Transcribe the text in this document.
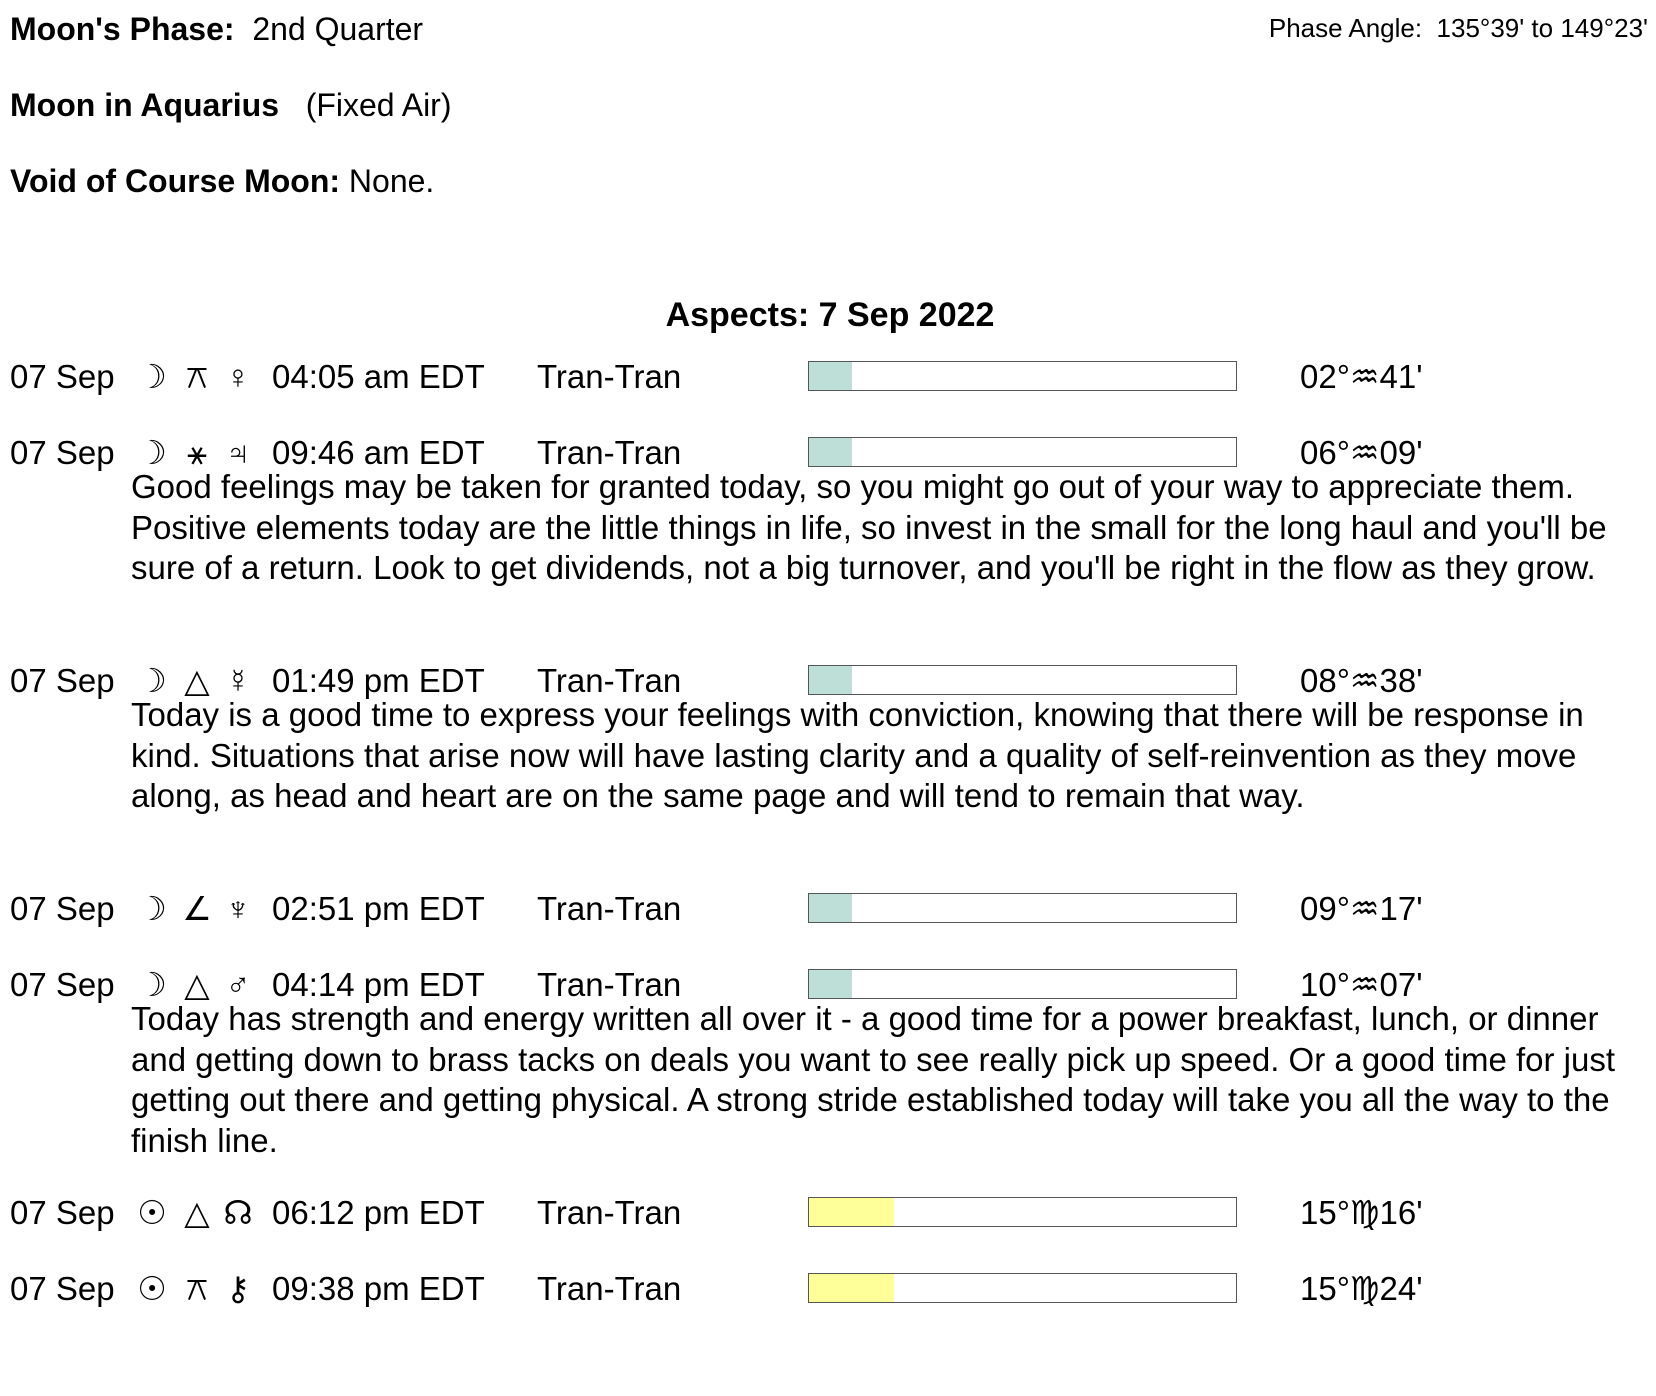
Moon's Phase: 2nd Quarter	Phase Angle: 135°39' to 149°23'
Moon in Aquarius (Fixed Air)
Void of Course Moon: None.
Aspects: 7 Sep 2022
07 Sep ☽ ⚻ ♀ 04:05 am EDT Tran-Tran	02°♒41'
07 Sep ☽ ⚹ ♃ 09:46 am EDT Tran-Tran	06°♒09'

Good feelings may be taken for granted today, so you might go out of your way to appreciate them. Positive elements today are the little things in life, so invest in the small for the long haul and you'll be sure of a return. Look to get dividends, not a big turnover, and you'll be right in the flow as they grow.

07 Sep ☽ △ ☿ 01:49 pm EDT Tran-Tran	08°♒38'

Today is a good time to express your feelings with conviction, knowing that there will be response in kind. Situations that arise now will have lasting clarity and a quality of self-reinvention as they move along, as head and heart are on the same page and will tend to remain that way.

07 Sep ☽ ∠ ♆ 02:51 pm EDT Tran-Tran	09°♒17'
07 Sep ☽ △ ♂ 04:14 pm EDT Tran-Tran	10°♒07'

Today has strength and energy written all over it - a good time for a power breakfast, lunch, or dinner and getting down to brass tacks on deals you want to see really pick up speed. Or a good time for just getting out there and getting physical. A strong stride established today will take you all the way to the finish line.

07 Sep ☉ △ ☊ 06:12 pm EDT Tran-Tran	15°♍16'
07 Sep ☉ ⚻ ⚷ 09:38 pm EDT Tran-Tran	15°♍24'
